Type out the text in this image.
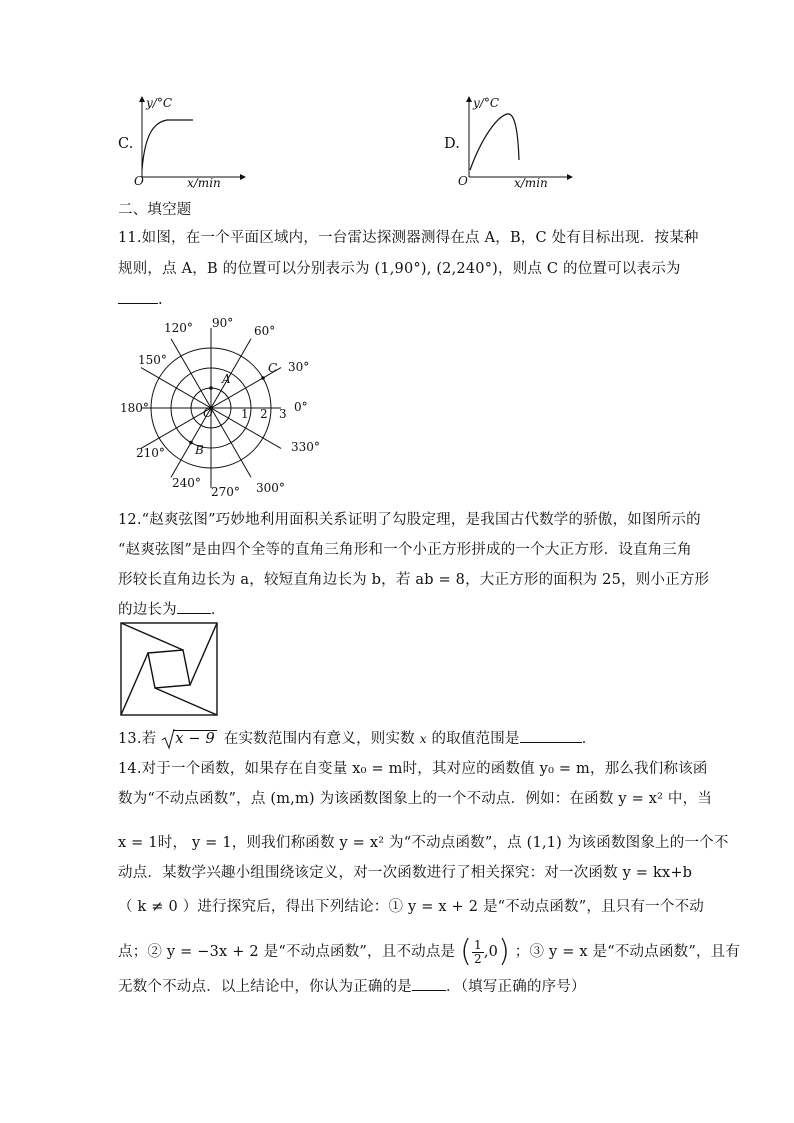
C.
y/°C
x/min
O
D.
y/°C
x/min
O
二、填空题
11.如图，在一个平面区域内，一台雷达探测器测得在点 A，B，C 处有目标出现．按某种
规则，点 A，B 的位置可以分别表示为 (1,90°), (2,240°)，则点 C 的位置可以表示为
.
0°
30°
60°
90°
120°
150°
180°
210°
240°
270° 300°
330°
1 2 3
A
B
C
O
12.“赵爽弦图”巧妙地利用面积关系证明了勾股定理，是我国古代数学的骄傲，如图所示的
“赵爽弦图”是由四个全等的直角三角形和一个小正方形拼成的一个大正方形．设直角三角
形较长直角边长为 a，较短直角边长为 b，若 ab = 8，大正方形的面积为 25，则小正方形
的边长为 ．
13.若 x − 9 在实数范围内有意义，则实数 x 的取值范围是	．
14.对于一个函数，如果存在自变量 x₀ = m时，其对应的函数值 y₀ = m，那么我们称该函
数为“不动点函数”，点 (m,m) 为该函数图象上的一个不动点．例如：在函数 y = x² 中，当
x = 1时， y = 1，则我们称函数 y = x² 为“不动点函数”，点 (1,1) 为该函数图象上的一个不
动点．某数学兴趣小组围绕该定义，对一次函数进行了相关探究：对一次函数 y = kx+b
（ k ≠ 0 ）进行探究后，得出下列结论：① y = x + 2 是“不动点函数”，且只有一个不动
点；② y = −3x + 2 是“不动点函数”，且不动点是 ( $\frac{1}{2} ,0$) ；③ y = x 是“不动点函数”，且有
无数个不动点．以上结论中，你认为正确的是 ．（填写正确的序号）
